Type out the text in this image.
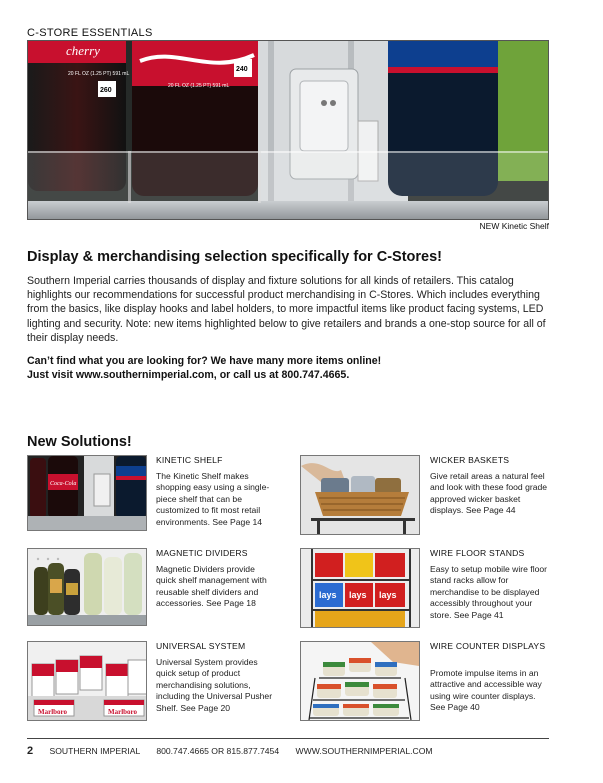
C-STORE ESSENTIALS
cherry
20 FL OZ (1.25 PT) 591 mL
260
20 FL OZ (1.25 PT) 591 mL
240
NEW Kinetic Shelf
Display & merchandising selection specifically for C-Stores!

Southern Imperial carries thousands of display and fixture solutions for all kinds of retailers. This catalog highlights our recommendations for successful product merchandising in C-Stores. Which includes everything from the basics, like display hooks and label holders, to more impactful items like product facing systems, LED lighting and security. Note: new items highlighted below to give retailers and brands a one-stop source for all of their display needs.

Can’t find what you are looking for? We have many more items online!
Just visit www.southernimperial.com, or call us at 800.747.4665.
New Solutions!
Coca-Cola
KINETIC SHELF
The Kinetic Shelf makes shopping easy using a single-piece shelf that can be customized to fit most retail environments. See Page 14
MAGNETIC DIVIDERS
Magnetic Dividers provide quick shelf management with reusable shelf dividers and accessories. See Page 18
Marlboro	Marlboro
UNIVERSAL SYSTEM
Universal System provides quick setup of product merchandising solutions, including the Universal Pusher Shelf. See Page 20
WICKER BASKETS
Give retail areas a natural feel and look with these food grade approved wicker basket displays. See Page 44
lays lays lays
WIRE FLOOR STANDS
Easy to setup mobile wire floor stand racks allow for merchandise to be displayed accessibly throughout your store. See Page 41
WIRE COUNTER DISPLAYS
Promote impulse items in an attractive and accessible way using wire counter displays. See Page 40
2 SOUTHERN IMPERIAL 800.747.4665 OR 815.877.7454 WWW.SOUTHERNIMPERIAL.COM
